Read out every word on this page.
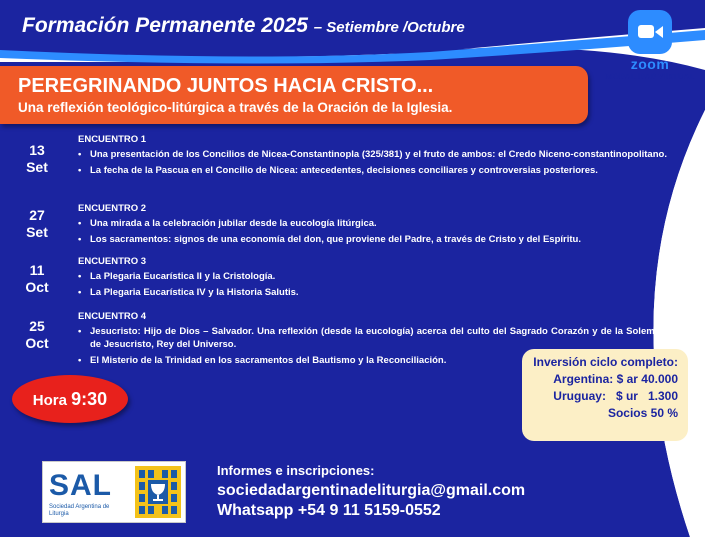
Formación Permanente 2025 – Setiembre /Octubre
zoom
MODALIDAD VIRTUAL
PEREGRINANDO JUNTOS HACIA CRISTO...
Una reflexión teológico-litúrgica a través de la Oración de la Iglesia.
13
Set
27
Set
11
Oct
25
Oct
ENCUENTRO 1
• Una presentación de los Concilios de Nicea-Constantinopla (325/381) y el fruto de ambos: el Credo Niceno-constantinopolitano.
• La fecha de la Pascua en el Concilio de Nicea: antecedentes, decisiones conciliares y controversias posteriores.
ENCUENTRO 2
• Una mirada a la celebración jubilar desde la eucología litúrgica.
• Los sacramentos: signos de una economía del don, que proviene del Padre, a través de Cristo y del Espíritu.
ENCUENTRO 3
• La Plegaria Eucarística II y la Cristología.
• La Plegaria Eucarística IV y la Historia Salutis.
ENCUENTRO 4
• Jesucristo: Hijo de Dios – Salvador. Una reflexión (desde la eucología) acerca del culto del Sagrado Corazón y de la Solemnidad de Jesucristo, Rey del Universo.
• El Misterio de la Trinidad en los sacramentos del Bautismo y la Reconciliación.
Hora 9:30
Inversión ciclo completo:
Argentina: $ ar 40.000
Uruguay:   $ ur   1.300
Socios 50 %
SAL
Sociedad Argentina de Liturgia
Informes e inscripciones:
sociedadargentinadeliturgia@gmail.com
Whatsapp +54 9 11 5159-0552
